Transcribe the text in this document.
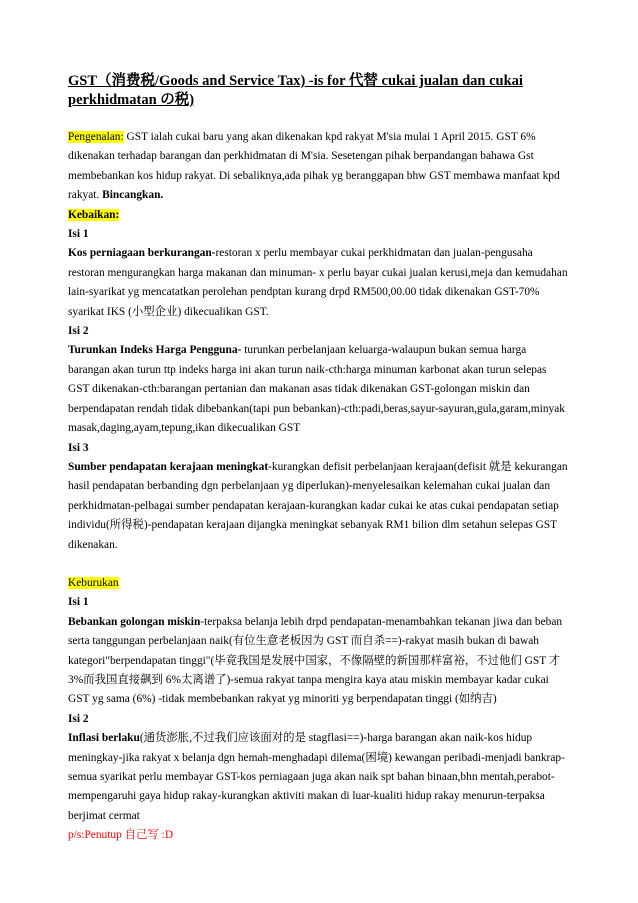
GST（消费税/Goods and Service Tax) -is for 代替 cukai jualan dan cukai perkhidmatan の税)

Pengenalan: GST ialah cukai baru yang akan dikenakan kpd rakyat M'sia mulai 1 April 2015. GST 6% dikenakan terhadap barangan dan perkhidmatan di M'sia. Sesetengan pihak berpandangan bahawa Gst membebankan kos hidup rakyat. Di sebaliknya,ada pihak yg beranggapan bhw GST membawa manfaat kpd rakyat. Bincangkan.

Kebaikan:

Isi 1

Kos perniagaan berkurangan-restoran x perlu membayar cukai perkhidmatan dan jualan-pengusaha restoran mengurangkan harga makanan dan minuman- x perlu bayar cukai jualan kerusi,meja dan kemudahan lain-syarikat yg mencatatkan perolehan pendptan kurang drpd RM500,00.00 tidak dikenakan GST-70% syarikat IKS (小型企业) dikecualikan GST.

Isi 2

Turunkan Indeks Harga Pengguna- turunkan perbelanjaan keluarga-walaupun bukan semua harga barangan akan turun ttp indeks harga ini akan turun naik-cth:harga minuman karbonat akan turun selepas GST dikenakan-cth:barangan pertanian dan makanan asas tidak dikenakan GST-golongan miskin dan berpendapatan rendah tidak dibebankan(tapi pun bebankan)-cth:padi,beras,sayur-sayuran,gula,garam,minyak masak,daging,ayam,tepung,ikan dikecualikan GST

Isi 3

Sumber pendapatan kerajaan meningkat-kurangkan defisit perbelanjaan kerajaan(defisit 就是 kekurangan hasil pendapatan berbanding dgn perbelanjaan yg diperlukan)-menyelesaikan kelemahan cukai jualan dan perkhidmatan-pelbagai sumber pendapatan kerajaan-kurangkan kadar cukai ke atas cukai pendapatan setiap individu(所得税)-pendapatan kerajaan dijangka meningkat sebanyak RM1 bilion dlm setahun selepas GST dikenakan.

Keburukan

Isi 1

Bebankan golongan miskin-terpaksa belanja lebih drpd pendapatan-menambahkan tekanan jiwa dan beban serta tanggungan perbelanjaan naik(有位生意老板因为 GST 而自杀==)-rakyat masih bukan di bawah kategori"berpendapatan tinggi"(毕竟我国是发展中国家，不像隔壁的新国那样富裕，不过他们 GST 才 3%而我国直接飙到 6%太离谱了)-semua rakyat tanpa mengira kaya atau miskin membayar kadar cukai GST yg sama (6%) -tidak membebankan rakyat yg minoriti yg berpendapatan tinggi (如纳吉)

Isi 2

Inflasi berlaku(通货澎胀,不过我们应该面对的是 stagflasi==)-harga barangan akan naik-kos hidup meningkay-jika rakyat x belanja dgn hemah-menghadapi dilema(困境) kewangan peribadi-menjadi bankrap-semua syarikat perlu membayar GST-kos perniagaan juga akan naik spt bahan binaan,bhn mentah,perabot-mempengaruhi gaya hidup rakay-kurangkan aktiviti makan di luar-kualiti hidup rakay menurun-terpaksa berjimat cermat

p/s:Penutup 自己写 :D
